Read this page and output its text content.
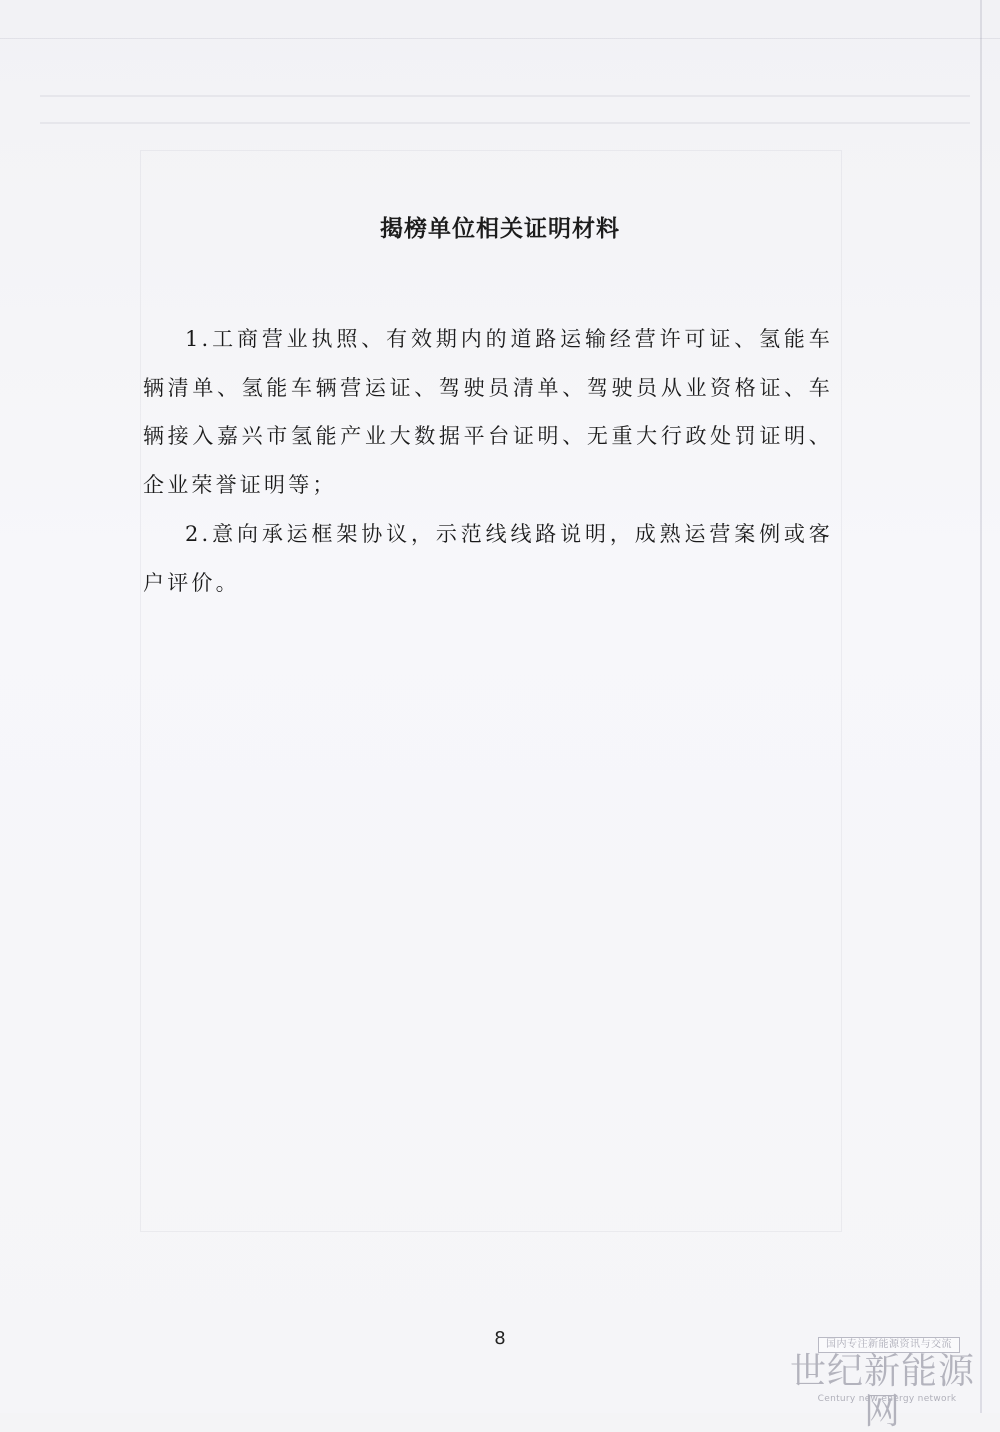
揭榜单位相关证明材料

1.工商营业执照、有效期内的道路运输经营许可证、氢能车辆清单、氢能车辆营运证、驾驶员清单、驾驶员从业资格证、车辆接入嘉兴市氢能产业大数据平台证明、无重大行政处罚证明、企业荣誉证明等；

2.意向承运框架协议，示范线线路说明，成熟运营案例或客户评价。

8	国内专注新能源资讯与交流
世纪新能源网
Century new energy network
